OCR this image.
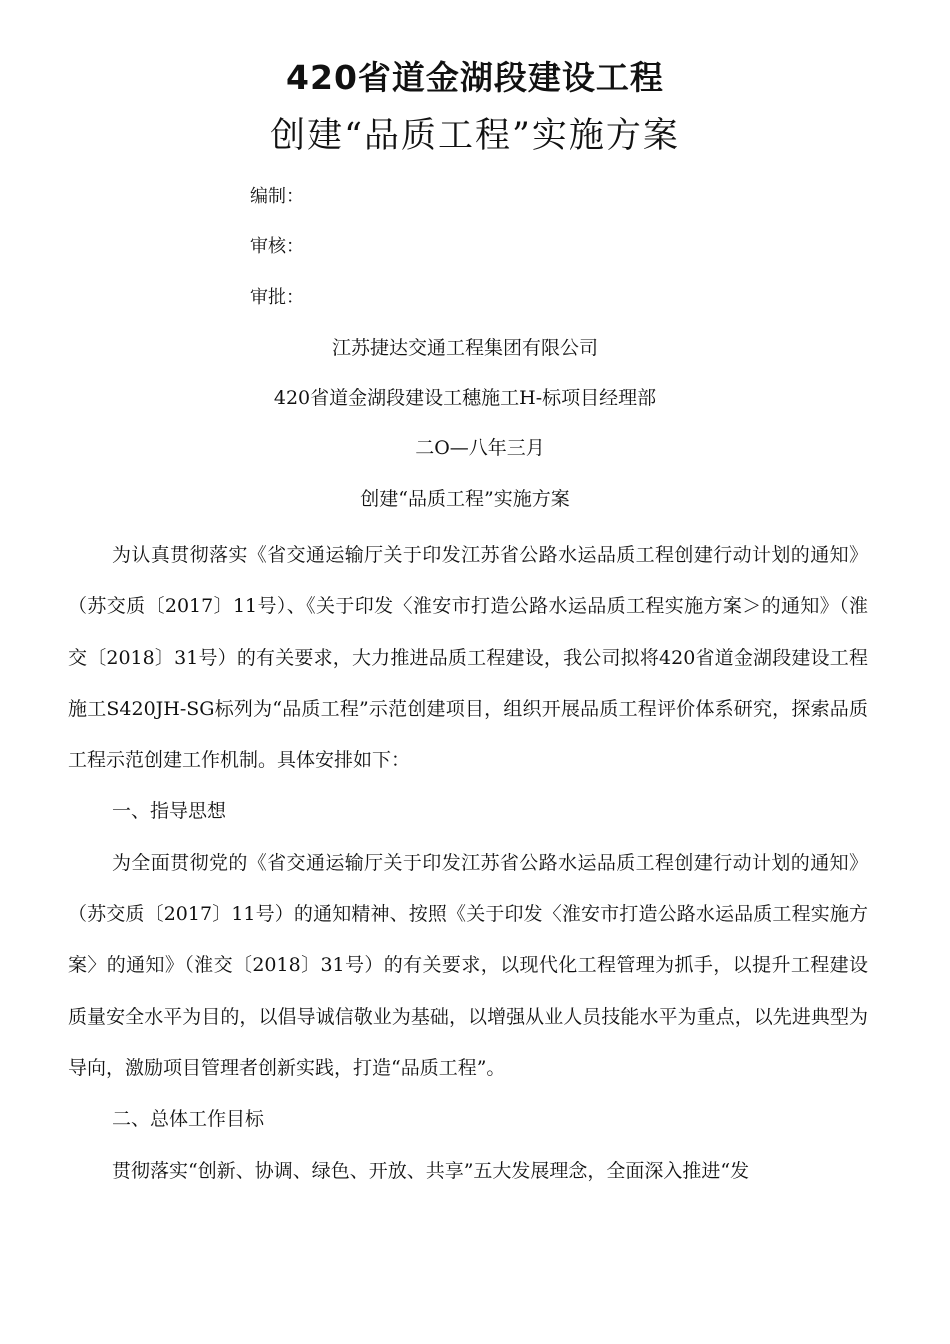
420省道金湖段建设工程
创建“品质工程”实施方案
编制：
审核：
审批：
江苏捷达交通工程集团有限公司
420省道金湖段建设工穗施工H-标项目经理部
二O—八年三月
创建“品质工程”实施方案

为认真贯彻落实《省交通运输厅关于印发江苏省公路水运品质工程创建行动计划的通知》（苏交质〔2017〕11号）、《关于印发〈淮安市打造公路水运品质工程实施方案＞的通知》（淮交〔2018〕31号）的有关要求，大力推进品质工程建设，我公司拟将420省道金湖段建设工程施工S420JH-SG标列为“品质工程”示范创建项目，组织开展品质工程评价体系研究，探索品质工程示范创建工作机制。具体安排如下：

一、指导思想

为全面贯彻党的《省交通运输厅关于印发江苏省公路水运品质工程创建行动计划的通知》（苏交质〔2017〕11号）的通知精神、按照《关于印发〈淮安市打造公路水运品质工程实施方案〉的通知》（淮交〔2018〕31号）的有关要求，以现代化工程管理为抓手，以提升工程建设质量安全水平为目的，以倡导诚信敬业为基础，以增强从业人员技能水平为重点，以先进典型为导向，激励项目管理者创新实践，打造“品质工程”。

二、总体工作目标

贯彻落实“创新、协调、绿色、开放、共享”五大发展理念，全面深入推进“发
